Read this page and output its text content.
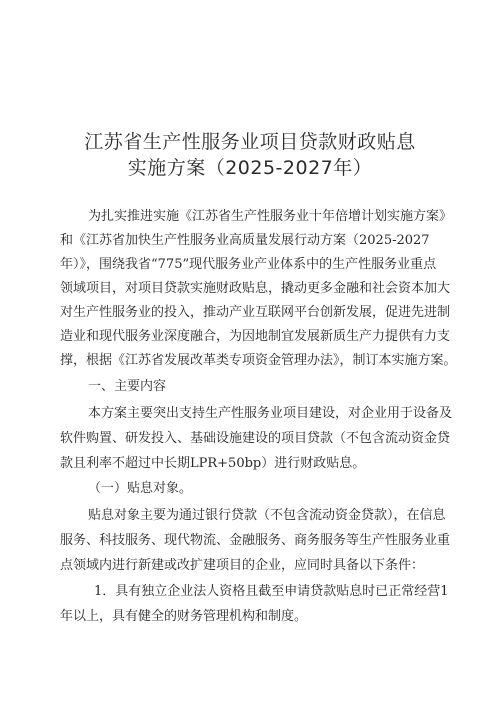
江苏省生产性服务业项目贷款财政贴息
实施方案（2025-2027年）
为扎实推进实施《江苏省生产性服务业十年倍增计划实施方案》
和《江苏省加快生产性服务业高质量发展行动方案（2025-2027
年）》，围绕我省“775”现代服务业产业体系中的生产性服务业重点
领域项目，对项目贷款实施财政贴息，撬动更多金融和社会资本加大
对生产性服务业的投入，推动产业互联网平台创新发展，促进先进制
造业和现代服务业深度融合，为因地制宜发展新质生产力提供有力支
撑，根据《江苏省发展改革类专项资金管理办法》，制订本实施方案。
一、主要内容
本方案主要突出支持生产性服务业项目建设，对企业用于设备及
软件购置、研发投入、基础设施建设的项目贷款（不包含流动资金贷
款且利率不超过中长期LPR+50bp）进行财政贴息。
（一）贴息对象。
贴息对象主要为通过银行贷款（不包含流动资金贷款），在信息
服务、科技服务、现代物流、金融服务、商务服务等生产性服务业重
点领域内进行新建或改扩建项目的企业，应同时具备以下条件：
1．具有独立企业法人资格且截至申请贷款贴息时已正常经营1
年以上，具有健全的财务管理机构和制度。
